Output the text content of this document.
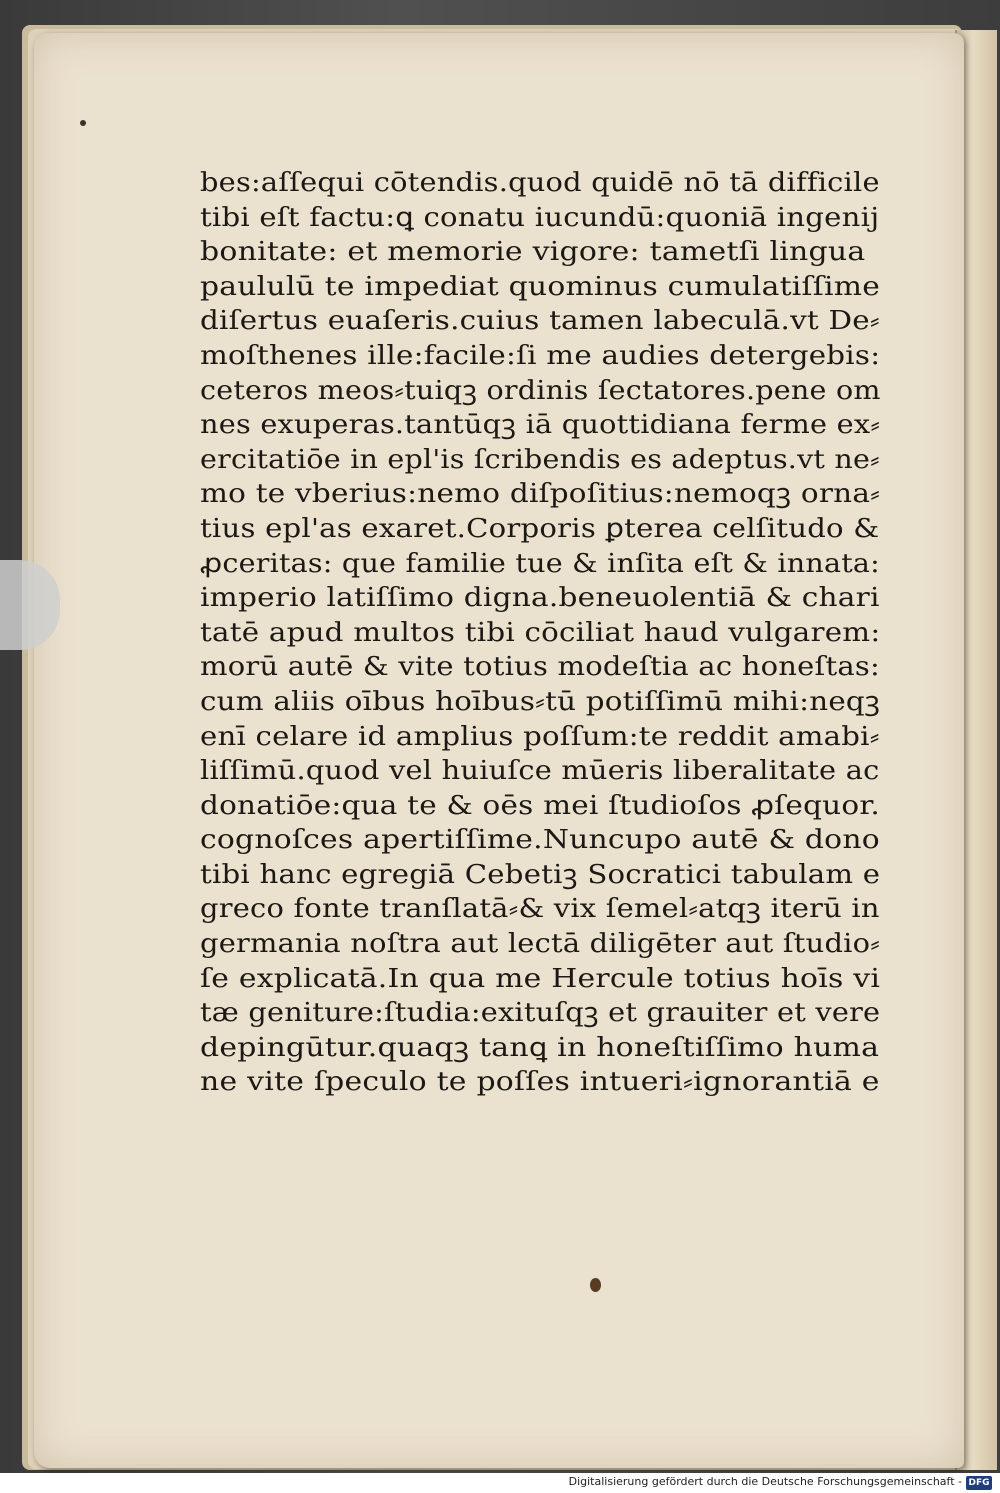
bes:aſſequi cōtendis.quod quidē nō tā difficile
tibi eſt factu:ꝗ conatu iucundū:quoniā ingenij
bonitate: et memorie vigore: tametſi lingua
paululū te impediat quominus cumulatiſſime
diſertus euaſeris.cuius tamen labeculā.vt De⸗
moſthenes ille:facile:ſi me audies detergebis:
ceteros meos⸗tuiqꝫ ordinis ſectatores.pene om
nes exuperas.tantūqꝫ iā quottidiana ferme ex⸗
ercitatiōe in epl'is ſcribendis es adeptus.vt ne⸗
mo te vberius:nemo diſpoſitius:nemoqꝫ orna⸗
tius epl'as exaret.Corporis ꝑterea celſitudo &
ꝓceritas: que familie tue & inſita eſt & innata:
imperio latiſſimo digna.beneuolentiā & chari
tatē apud multos tibi cōciliat haud vulgarem:
morū autē & vite totius modeſtia ac honeſtas:
cum aliis oībus hoībus⸗tū potiſſimū mihi:neqꝫ
enī celare id amplius poſſum:te reddit amabi⸗
liſſimū.quod vel huiuſce mūeris liberalitate ac
donatiōe:qua te & oēs mei ſtudioſos ꝓſequor.
cognoſces apertiſſime.Nuncupo autē & dono
tibi hanc egregiā Cebetiꝫ Socratici tabulam e
greco fonte tranſlatā⸗& vix ſemel⸗atqꝫ iterū in
germania noſtra aut lectā diligēter aut ſtudio⸗
ſe explicatā.In qua me Hercule totius hoīs vi
tæ geniture:ſtudia:exituſqꝫ et grauiter et vere
depingūtur.quaqꝫ tanꝗ in honeſtiſſimo huma
ne vite ſpeculo te poſſes intueri⸗ignorantiā e
Digitalisierung gefördert durch die Deutsche Forschungsgemeinschaft - DFG
